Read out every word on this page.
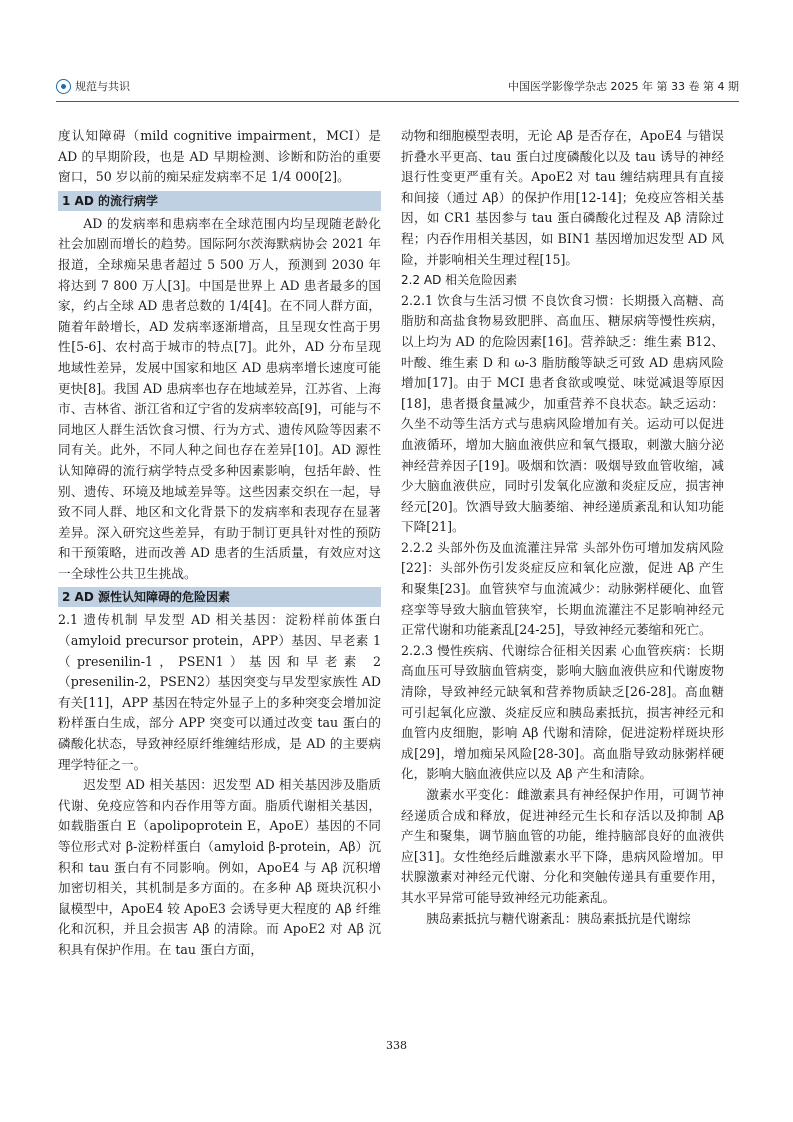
规范与共识	中国医学影像学杂志 2025 年 第 33 卷 第 4 期

度认知障碍（mild cognitive impairment，MCI）是 AD 的早期阶段，也是 AD 早期检测、诊断和防治的重要窗口，50 岁以前的痴呆症发病率不足 1/4 000[2]。

1 AD 的流行病学

AD 的发病率和患病率在全球范围内均呈现随老龄化社会加剧而增长的趋势。国际阿尔茨海默病协会 2021 年报道，全球痴呆患者超过 5 500 万人，预测到 2030 年将达到 7 800 万人[3]。中国是世界上 AD 患者最多的国家，约占全球 AD 患者总数的 1/4[4]。在不同人群方面，随着年龄增长，AD 发病率逐渐增高，且呈现女性高于男性[5-6]、农村高于城市的特点[7]。此外，AD 分布呈现地域性差异，发展中国家和地区 AD 患病率增长速度可能更快[8]。我国 AD 患病率也存在地域差异，江苏省、上海市、吉林省、浙江省和辽宁省的发病率较高[9]，可能与不同地区人群生活饮食习惯、行为方式、遗传风险等因素不同有关。此外，不同人种之间也存在差异[10]。AD 源性认知障碍的流行病学特点受多种因素影响，包括年龄、性别、遗传、环境及地域差异等。这些因素交织在一起，导致不同人群、地区和文化背景下的发病率和表现存在显著差异。深入研究这些差异，有助于制订更具针对性的预防和干预策略，进而改善 AD 患者的生活质量，有效应对这一全球性公共卫生挑战。

2 AD 源性认知障碍的危险因素

2.1 遗传机制 早发型 AD 相关基因：淀粉样前体蛋白（amyloid precursor protein，APP）基因、早老素 1（presenilin-1，PSEN1）基因和早老素 2（presenilin-2，PSEN2）基因突变与早发型家族性 AD 有关[11]，APP 基因在特定外显子上的多种突变会增加淀粉样蛋白生成，部分 APP 突变可以通过改变 tau 蛋白的磷酸化状态，导致神经原纤维缠结形成，是 AD 的主要病理学特征之一。

迟发型 AD 相关基因：迟发型 AD 相关基因涉及脂质代谢、免疫应答和内吞作用等方面。脂质代谢相关基因，如载脂蛋白 E（apolipoprotein E，ApoE）基因的不同等位形式对 β-淀粉样蛋白（amyloid β-protein，Aβ）沉积和 tau 蛋白有不同影响。例如，ApoE4 与 Aβ 沉积增加密切相关，其机制是多方面的。在多种 Aβ 斑块沉积小鼠模型中，ApoE4 较 ApoE3 会诱导更大程度的 Aβ 纤维化和沉积，并且会损害 Aβ 的清除。而 ApoE2 对 Aβ 沉积具有保护作用。在 tau 蛋白方面，

动物和细胞模型表明，无论 Aβ 是否存在，ApoE4 与错误折叠水平更高、tau 蛋白过度磷酸化以及 tau 诱导的神经退行性变更严重有关。ApoE2 对 tau 缠结病理具有直接和间接（通过 Aβ）的保护作用[12-14]；免疫应答相关基因，如 CR1 基因参与 tau 蛋白磷酸化过程及 Aβ 清除过程；内吞作用相关基因，如 BIN1 基因增加迟发型 AD 风险，并影响相关生理过程[15]。

2.2 AD 相关危险因素

2.2.1 饮食与生活习惯 不良饮食习惯：长期摄入高糖、高脂肪和高盐食物易致肥胖、高血压、糖尿病等慢性疾病，以上均为 AD 的危险因素[16]。营养缺乏：维生素 B12、叶酸、维生素 D 和 ω-3 脂肪酸等缺乏可致 AD 患病风险增加[17]。由于 MCI 患者食欲或嗅觉、味觉减退等原因[18]，患者摄食量减少，加重营养不良状态。缺乏运动：久坐不动等生活方式与患病风险增加有关。运动可以促进血液循环，增加大脑血液供应和氧气摄取，刺激大脑分泌神经营养因子[19]。吸烟和饮酒：吸烟导致血管收缩，减少大脑血液供应，同时引发氧化应激和炎症反应，损害神经元[20]。饮酒导致大脑萎缩、神经递质紊乱和认知功能下降[21]。

2.2.2 头部外伤及血流灌注异常 头部外伤可增加发病风险[22]：头部外伤引发炎症反应和氧化应激，促进 Aβ 产生和聚集[23]。血管狭窄与血流减少：动脉粥样硬化、血管痉挛等导致大脑血管狭窄，长期血流灌注不足影响神经元正常代谢和功能紊乱[24-25]，导致神经元萎缩和死亡。

2.2.3 慢性疾病、代谢综合征相关因素 心血管疾病：长期高血压可导致脑血管病变，影响大脑血液供应和代谢废物清除，导致神经元缺氧和营养物质缺乏[26-28]。高血糖可引起氧化应激、炎症反应和胰岛素抵抗，损害神经元和血管内皮细胞，影响 Aβ 代谢和清除，促进淀粉样斑块形成[29]，增加痴呆风险[28-30]。高血脂导致动脉粥样硬化，影响大脑血液供应以及 Aβ 产生和清除。

激素水平变化：雌激素具有神经保护作用，可调节神经递质合成和释放，促进神经元生长和存活以及抑制 Aβ 产生和聚集，调节脑血管的功能，维持脑部良好的血液供应[31]。女性绝经后雌激素水平下降，患病风险增加。甲状腺激素对神经元代谢、分化和突触传递具有重要作用，其水平异常可能导致神经元功能紊乱。

胰岛素抵抗与糖代谢紊乱：胰岛素抵抗是代谢综

338
